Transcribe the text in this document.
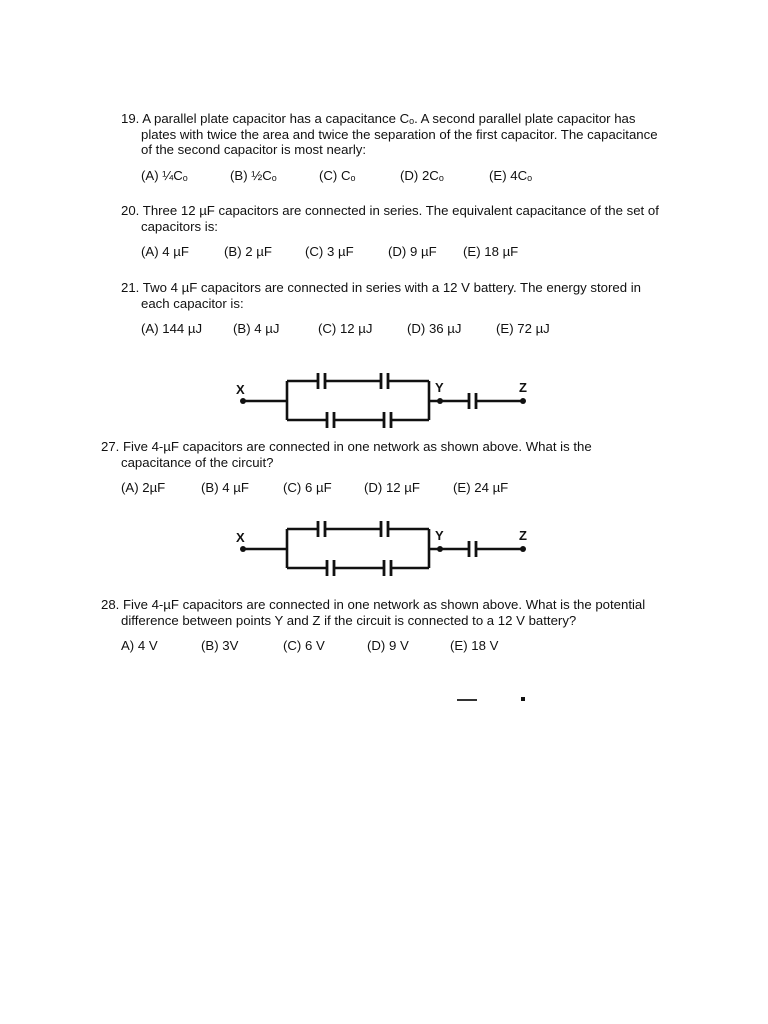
19. A parallel plate capacitor has a capacitance Cₒ. A second parallel plate capacitor has plates with twice the area and twice the separation of the first capacitor. The capacitance of the second capacitor is most nearly:
(A) ¼Cₒ	(B) ½Cₒ	(C) Cₒ	(D) 2Cₒ	(E) 4Cₒ
20. Three 12 µF capacitors are connected in series. The equivalent capacitance of the set of capacitors is:
(A) 4 µF	(B) 2 µF	(C) 3 µF	(D) 9 µF (E) 18 µF
21. Two 4 µF capacitors are connected in series with a 12 V battery. The energy stored in each capacitor is:
(A) 144 µJ (B) 4 µJ	(C) 12 µJ	(D) 36 µJ	(E) 72 µJ
X	Y	Z
27. Five 4-µF capacitors are connected in one network as shown above. What is the capacitance of the circuit?
(A) 2µF	(B) 4 µF	(C) 6 µF (D) 12 µF	(E) 24 µF
X	Y	Z
28. Five 4-µF capacitors are connected in one network as shown above. What is the potential difference between points Y and Z if the circuit is connected to a 12 V battery?
A) 4 V	(B) 3V	(C) 6 V	(D) 9 V	(E) 18 V
